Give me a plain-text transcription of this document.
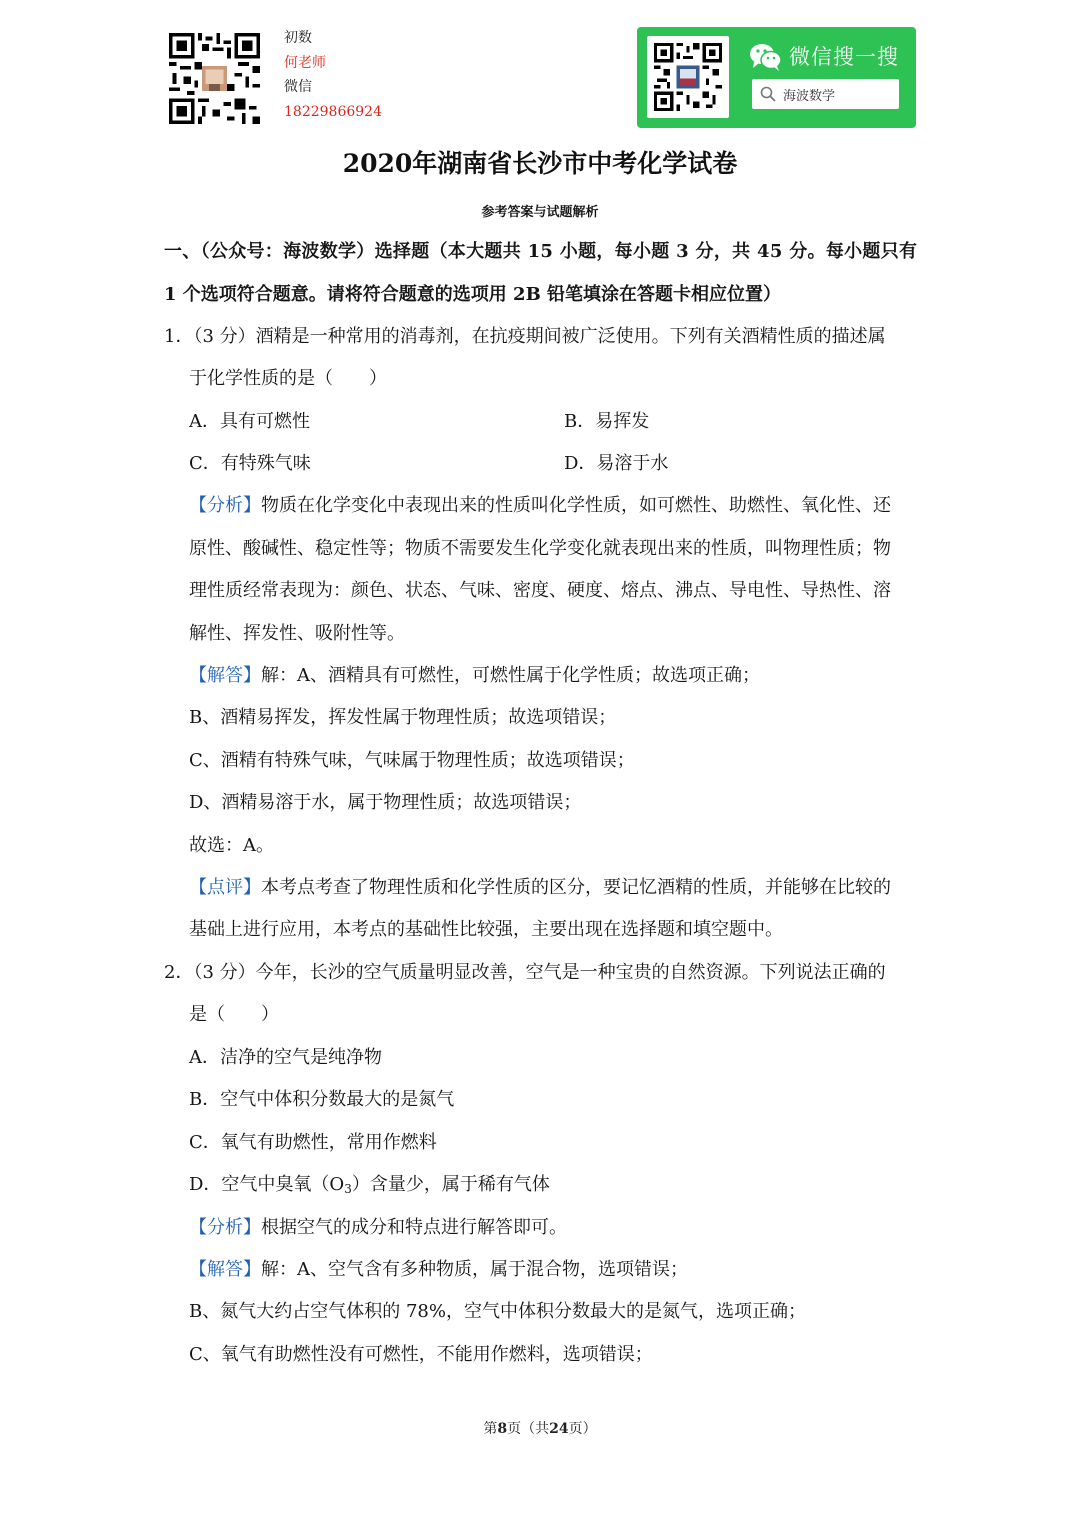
初数
何老师
微信
18229866924
微信搜一搜
海波数学
2020年湖南省长沙市中考化学试卷
参考答案与试题解析
一、（公众号：海波数学）选择题（本大题共 15 小题，每小题 3 分，共 45 分。每小题只有
1 个选项符合题意。请将符合题意的选项用 2B 铅笔填涂在答题卡相应位置）
1．（3 分）酒精是一种常用的消毒剂，在抗疫期间被广泛使用。下列有关酒精性质的描述属
于化学性质的是（　　）
A．具有可燃性	B．易挥发
C．有特殊气味	D．易溶于水
【分析】物质在化学变化中表现出来的性质叫化学性质，如可燃性、助燃性、氧化性、还
原性、酸碱性、稳定性等；物质不需要发生化学变化就表现出来的性质，叫物理性质；物
理性质经常表现为：颜色、状态、气味、密度、硬度、熔点、沸点、导电性、导热性、溶
解性、挥发性、吸附性等。
【解答】解：A、酒精具有可燃性，可燃性属于化学性质；故选项正确；
B、酒精易挥发，挥发性属于物理性质；故选项错误；
C、酒精有特殊气味，气味属于物理性质；故选项错误；
D、酒精易溶于水，属于物理性质；故选项错误；
故选：A。
【点评】本考点考查了物理性质和化学性质的区分，要记忆酒精的性质，并能够在比较的
基础上进行应用，本考点的基础性比较强，主要出现在选择题和填空题中。
2．（3 分）今年，长沙的空气质量明显改善，空气是一种宝贵的自然资源。下列说法正确的
是（　　）
A．洁净的空气是纯净物
B．空气中体积分数最大的是氮气
C．氧气有助燃性，常用作燃料
D．空气中臭氧$(O_3)$含量少，属于稀有气体
【分析】根据空气的成分和特点进行解答即可。
【解答】解：A、空气含有多种物质，属于混合物，选项错误；
B、氮气大约占空气体积的 78%，空气中体积分数最大的是氮气，选项正确；
C、氧气有助燃性没有可燃性，不能用作燃料，选项错误；
第8页（共24页）
